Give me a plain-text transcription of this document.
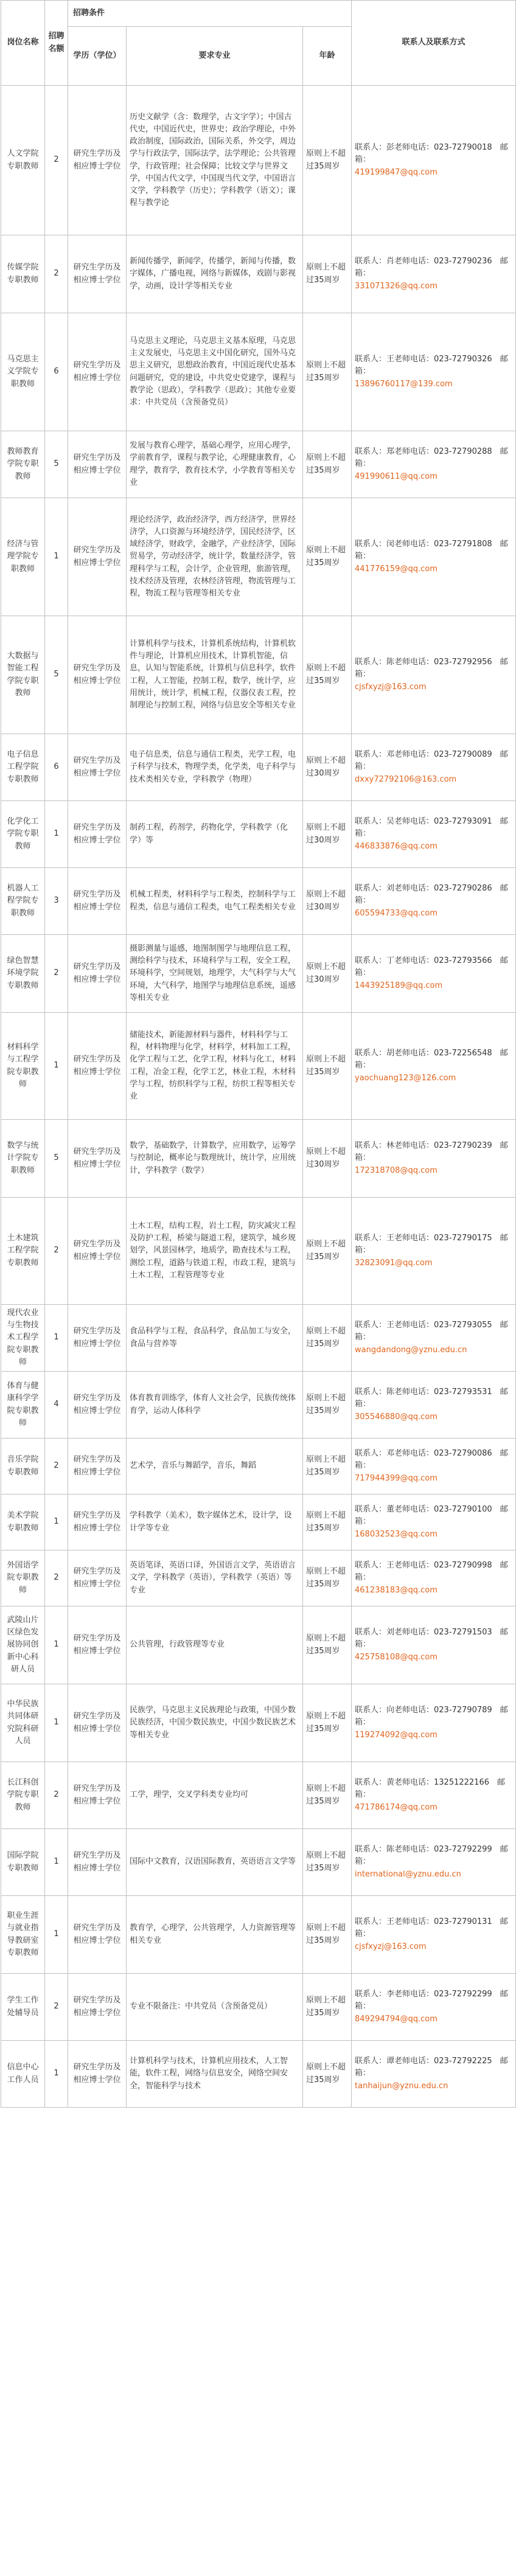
岗位名称	招聘名额	招聘条件			联系人及联系方式
		学历（学位）	要求专业	年龄	
人文学院专职教师	2	研究生学历及相应博士学位	历史文献学（含：数理学，古文字学）；中国古代史，中国近代史，世界史；政治学理论，中外政治制度，国际政治，国际关系，外交学，周边学与行政法学，国际法学，法学理论；公共管理学，行政管理；社会保障；比较文学与世界文学，中国古代文学，中国现当代文学，中国语言文学，学科教学（历史）；学科教学（语文）；课程与教学论	原则上不超过35周岁	联系人：彭老师电话：023-72790018　邮　箱：
419199847@qq.com

传媒学院专职教师	2	研究生学历及相应博士学位	新闻传播学，新闻学，传播学，新闻与传播，数字媒体，广播电视，网络与新媒体，戏剧与影视学，动画，设计学等相关专业	原则上不超过35周岁	联系人：肖老师电话：023-72790236　邮　箱：
331071326@qq.com

马克思主义学院专职教师	6	研究生学历及相应博士学位	马克思主义理论，马克思主义基本原理，马克思主义发展史，马克思主义中国化研究，国外马克思主义研究，思想政治教育，中国近现代史基本问题研究，党的建设，中共党史党建学，课程与教学论（思政），学科教学（思政）；其他专业要求：中共党员（含预备党员）	原则上不超过35周岁	联系人：王老师电话：023-72790326　邮　箱：
13896760117@139.com

教师教育学院专职教师	5	研究生学历及相应博士学位	发展与教育心理学，基础心理学，应用心理学，学前教育学，课程与教学论，心理健康教育，心理学，教育学，教育技术学，小学教育等相关专业	原则上不超过35周岁	联系人：郑老师电话：023-72790288　邮　箱：
491990611@qq.com

经济与管理学院专职教师	1	研究生学历及相应博士学位	理论经济学，政治经济学，西方经济学，世界经济学，人口资源与环境经济学，国民经济学，区域经济学，财政学，金融学，产业经济学，国际贸易学，劳动经济学，统计学，数量经济学，管理科学与工程，会计学，企业管理，旅游管理，技术经济及管理，农林经济管理，物流管理与工程，物流工程与管理等相关专业	原则上不超过35周岁	联系人：闵老师电话：023-72791808　邮　箱：
441776159@qq.com

大数据与智能工程学院专职教师	5	研究生学历及相应博士学位	计算机科学与技术，计算机系统结构，计算机软件与理论，计算机应用技术，计算机智能，信息，认知与智能系统，计算机与信息科学，软件工程，人工智能，控制工程，数学，统计学，应用统计，统计学，机械工程，仪器仪表工程，控制理论与控制工程，网络与信息安全等相关专业	原则上不超过35周岁	联系人：陈老师电话：023-72792956　邮　箱：
cjsfxyzj@163.com

电子信息工程学院专职教师	6	研究生学历及相应博士学位	电子信息类，信息与通信工程类，光学工程，电子科学与技术，物理学类，化学类，电子科学与技术类相关专业，学科教学（物理）	原则上不超过30周岁	联系人：邓老师电话：023-72790089　邮　箱：
dxxy72792106@163.com

化学化工学院专职教师	1	研究生学历及相应博士学位	制药工程，药剂学，药物化学，学科教学（化学）等	原则上不超过30周岁	联系人：吴老师电话：023-72793091　邮　箱：
446833876@qq.com

机器人工程学院专职教师	3	研究生学历及相应博士学位	机械工程类，材料科学与工程类，控制科学与工程类，信息与通信工程类，电气工程类相关专业	原则上不超过30周岁	联系人：刘老师电话：023-72790286　邮　箱：
605594733@qq.com

绿色智慧环境学院专职教师	2	研究生学历及相应博士学位	摄影测量与遥感，地图制图学与地理信息工程，测绘科学与技术，环境科学与工程，安全工程，环境科学，空间规划，地理学，大气科学与大气环境，大气科学，地图学与地理信息系统，遥感等相关专业	原则上不超过30周岁	联系人：丁老师电话：023-72793566　邮　箱：
1443925189@qq.com

材料科学与工程学院专职教师	1	研究生学历及相应博士学位	储能技术，新能源材料与器件，材料科学与工程，材料物理与化学，材料学，材料加工工程，化学工程与工艺，化学工程，材料与化工，材料工程，冶金工程，化学工艺，林业工程，木材科学与工程，纺织科学与工程，纺织工程等相关专业	原则上不超过35周岁	联系人：胡老师电话：023-72256548　邮　箱：
yaochuang123@126.com

数学与统计学院专职教师	5	研究生学历及相应博士学位	数学，基础数学，计算数学，应用数学，运筹学与控制论，概率论与数理统计，统计学，应用统计，学科教学（数学）	原则上不超过30周岁	联系人：林老师电话：023-72790239　邮　箱：
172318708@qq.com

土木建筑工程学院专职教师	2	研究生学历及相应博士学位	土木工程，结构工程，岩土工程，防灾减灾工程及防护工程，桥梁与隧道工程，建筑学，城乡规划学，风景园林学，地质学，勘查技术与工程，测绘工程，道路与铁道工程，市政工程，建筑与土木工程，工程管理等专业	原则上不超过35周岁	联系人：王老师电话：023-72790175　邮　箱：
32823091@qq.com

现代农业与生物技术工程学院专职教师	1	研究生学历及相应博士学位	食品科学与工程，食品科学，食品加工与安全，食品与营养等	原则上不超过35周岁	联系人：王老师电话：023-72793055　邮　箱：
wangdandong@yznu.edu.cn

体育与健康科学学院专职教师	4	研究生学历及相应博士学位	体育教育训练学，体育人文社会学，民族传统体育学，运动人体科学	原则上不超过35周岁	联系人：陈老师电话：023-72793531　邮　箱：
305546880@qq.com

音乐学院专职教师	2	研究生学历及相应博士学位	艺术学，音乐与舞蹈学，音乐，舞蹈	原则上不超过35周岁	联系人：邓老师电话：023-72790086　邮　箱：
717944399@qq.com

美术学院专职教师	1	研究生学历及相应博士学位	学科教学（美术），数字媒体艺术，设计学，设计学等专业	原则上不超过35周岁	联系人：董老师电话：023-72790100　邮　箱：
168032523@qq.com

外国语学院专职教师	2	研究生学历及相应博士学位	英语笔译，英语口译，外国语言文学，英语语言文学，学科教学（英语），学科教学（英语）等专业	原则上不超过35周岁	联系人：王老师电话：023-72790998　邮　箱：
461238183@qq.com

武陵山片区绿色发展协同创新中心科研人员	1	研究生学历及相应博士学位	公共管理，行政管理等专业	原则上不超过35周岁	联系人：刘老师电话：023-72791503　邮　箱：
425758108@qq.com

中华民族共同体研究院科研人员	1	研究生学历及相应博士学位	民族学，马克思主义民族理论与政策，中国少数民族经济，中国少数民族史，中国少数民族艺术等相关专业	原则上不超过35周岁	联系人：向老师电话：023-72790789　邮　箱：
119274092@qq.com

长江科创学院专职教师	2	研究生学历及相应博士学位	工学，理学，交叉学科类专业均可	原则上不超过35周岁	联系人：黄老师电话：13251222166　邮　箱：
471786174@qq.com

国际学院专职教师	1	研究生学历及相应博士学位	国际中文教育，汉语国际教育，英语语言文学等	原则上不超过35周岁	联系人：陈老师电话：023-72792299　邮　箱：
international@yznu.edu.cn

职业生涯与就业指导教研室专职教师	1	研究生学历及相应博士学位	教育学，心理学，公共管理学，人力资源管理等相关专业	原则上不超过35周岁	联系人：王老师电话：023-72790131　邮　箱：
cjsfxyzj@163.com

学生工作处辅导员	2	研究生学历及相应博士学位	专业不限备注：中共党员（含预备党员）	原则上不超过35周岁	联系人：李老师电话：023-72792299　邮　箱：
849294794@qq.com

信息中心工作人员	1	研究生学历及相应博士学位	计算机科学与技术，计算机应用技术，人工智能，软件工程，网络与信息安全，网络空间安全，智能科学与技术	原则上不超过35周岁	联系人：谭老师电话：023-72792225　邮　箱：
tanhaijun@yznu.edu.cn
